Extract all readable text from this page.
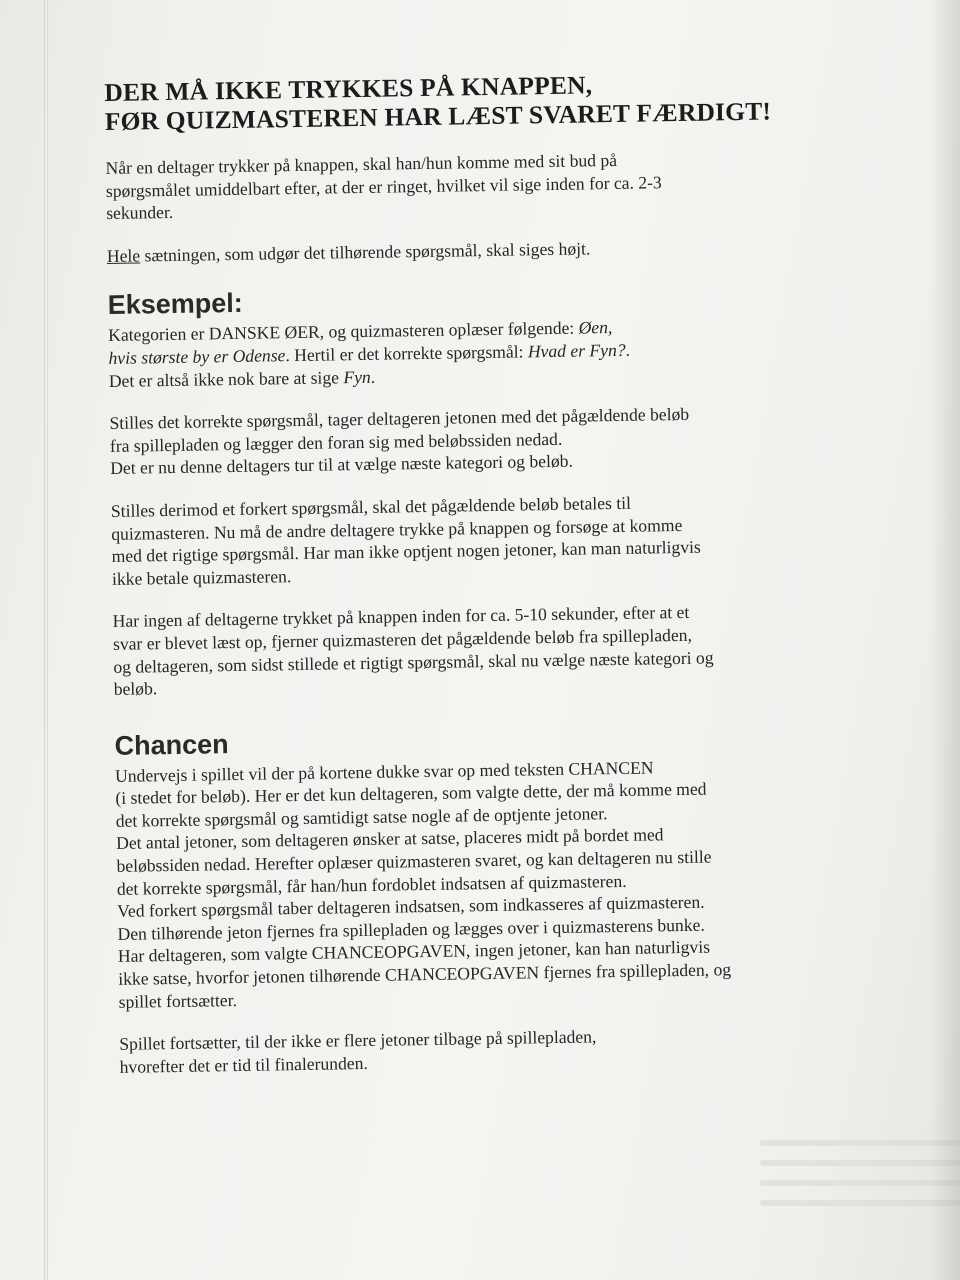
DER MÅ IKKE TRYKKES PÅ KNAPPEN,
FØR QUIZMASTEREN HAR LÆST SVARET FÆRDIGT!

Når en deltager trykker på knappen, skal han/hun komme med sit bud på
spørgsmålet umiddelbart efter, at der er ringet, hvilket vil sige inden for ca. 2-3
sekunder.

Hele sætningen, som udgør det tilhørende spørgsmål, skal siges højt.

Eksempel:

Kategorien er DANSKE ØER, og quizmasteren oplæser følgende: Øen,
hvis største by er Odense. Hertil er det korrekte spørgsmål: Hvad er Fyn?.
Det er altså ikke nok bare at sige Fyn.

Stilles det korrekte spørgsmål, tager deltageren jetonen med det pågældende beløb
fra spillepladen og lægger den foran sig med beløbssiden nedad.
Det er nu denne deltagers tur til at vælge næste kategori og beløb.

Stilles derimod et forkert spørgsmål, skal det pågældende beløb betales til
quizmasteren. Nu må de andre deltagere trykke på knappen og forsøge at komme
med det rigtige spørgsmål. Har man ikke optjent nogen jetoner, kan man naturligvis
ikke betale quizmasteren.

Har ingen af deltagerne trykket på knappen inden for ca. 5-10 sekunder, efter at et
svar er blevet læst op, fjerner quizmasteren det pågældende beløb fra spillepladen,
og deltageren, som sidst stillede et rigtigt spørgsmål, skal nu vælge næste kategori og
beløb.

Chancen

Undervejs i spillet vil der på kortene dukke svar op med teksten CHANCEN
(i stedet for beløb). Her er det kun deltageren, som valgte dette, der må komme med
det korrekte spørgsmål og samtidigt satse nogle af de optjente jetoner.
Det antal jetoner, som deltageren ønsker at satse, placeres midt på bordet med
beløbssiden nedad. Herefter oplæser quizmasteren svaret, og kan deltageren nu stille
det korrekte spørgsmål, får han/hun fordoblet indsatsen af quizmasteren.
Ved forkert spørgsmål taber deltageren indsatsen, som indkasseres af quizmasteren.
Den tilhørende jeton fjernes fra spillepladen og lægges over i quizmasterens bunke.
Har deltageren, som valgte CHANCEOPGAVEN, ingen jetoner, kan han naturligvis
ikke satse, hvorfor jetonen tilhørende CHANCEOPGAVEN fjernes fra spillepladen, og
spillet fortsætter.

Spillet fortsætter, til der ikke er flere jetoner tilbage på spillepladen,
hvorefter det er tid til finalerunden.
